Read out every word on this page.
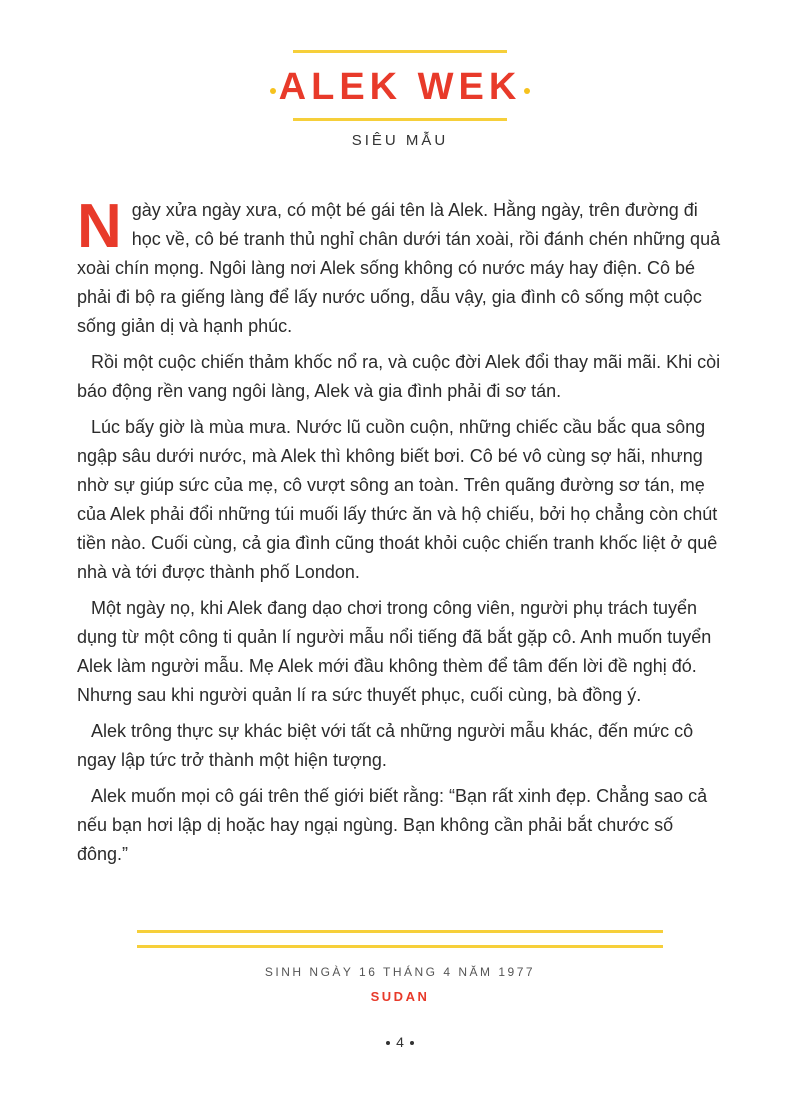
ALEK WEK
SIÊU MẪU

Ngày xửa ngày xưa, có một bé gái tên là Alek. Hằng ngày, trên đường đi học về, cô bé tranh thủ nghỉ chân dưới tán xoài, rồi đánh chén những quả xoài chín mọng. Ngôi làng nơi Alek sống không có nước máy hay điện. Cô bé phải đi bộ ra giếng làng để lấy nước uống, dẫu vậy, gia đình cô sống một cuộc sống giản dị và hạnh phúc.

Rồi một cuộc chiến thảm khốc nổ ra, và cuộc đời Alek đổi thay mãi mãi. Khi còi báo động rền vang ngôi làng, Alek và gia đình phải đi sơ tán.

Lúc bấy giờ là mùa mưa. Nước lũ cuồn cuộn, những chiếc cầu bắc qua sông ngập sâu dưới nước, mà Alek thì không biết bơi. Cô bé vô cùng sợ hãi, nhưng nhờ sự giúp sức của mẹ, cô vượt sông an toàn. Trên quãng đường sơ tán, mẹ của Alek phải đổi những túi muối lấy thức ăn và hộ chiếu, bởi họ chẳng còn chút tiền nào. Cuối cùng, cả gia đình cũng thoát khỏi cuộc chiến tranh khốc liệt ở quê nhà và tới được thành phố London.

Một ngày nọ, khi Alek đang dạo chơi trong công viên, người phụ trách tuyển dụng từ một công ti quản lí người mẫu nổi tiếng đã bắt gặp cô. Anh muốn tuyển Alek làm người mẫu. Mẹ Alek mới đầu không thèm để tâm đến lời đề nghị đó. Nhưng sau khi người quản lí ra sức thuyết phục, cuối cùng, bà đồng ý.

Alek trông thực sự khác biệt với tất cả những người mẫu khác, đến mức cô ngay lập tức trở thành một hiện tượng.

Alek muốn mọi cô gái trên thế giới biết rằng: “Bạn rất xinh đẹp. Chẳng sao cả nếu bạn hơi lập dị hoặc hay ngại ngùng. Bạn không cần phải bắt chước số đông.”

SINH NGÀY 16 THÁNG 4 NĂM 1977
SUDAN
4
